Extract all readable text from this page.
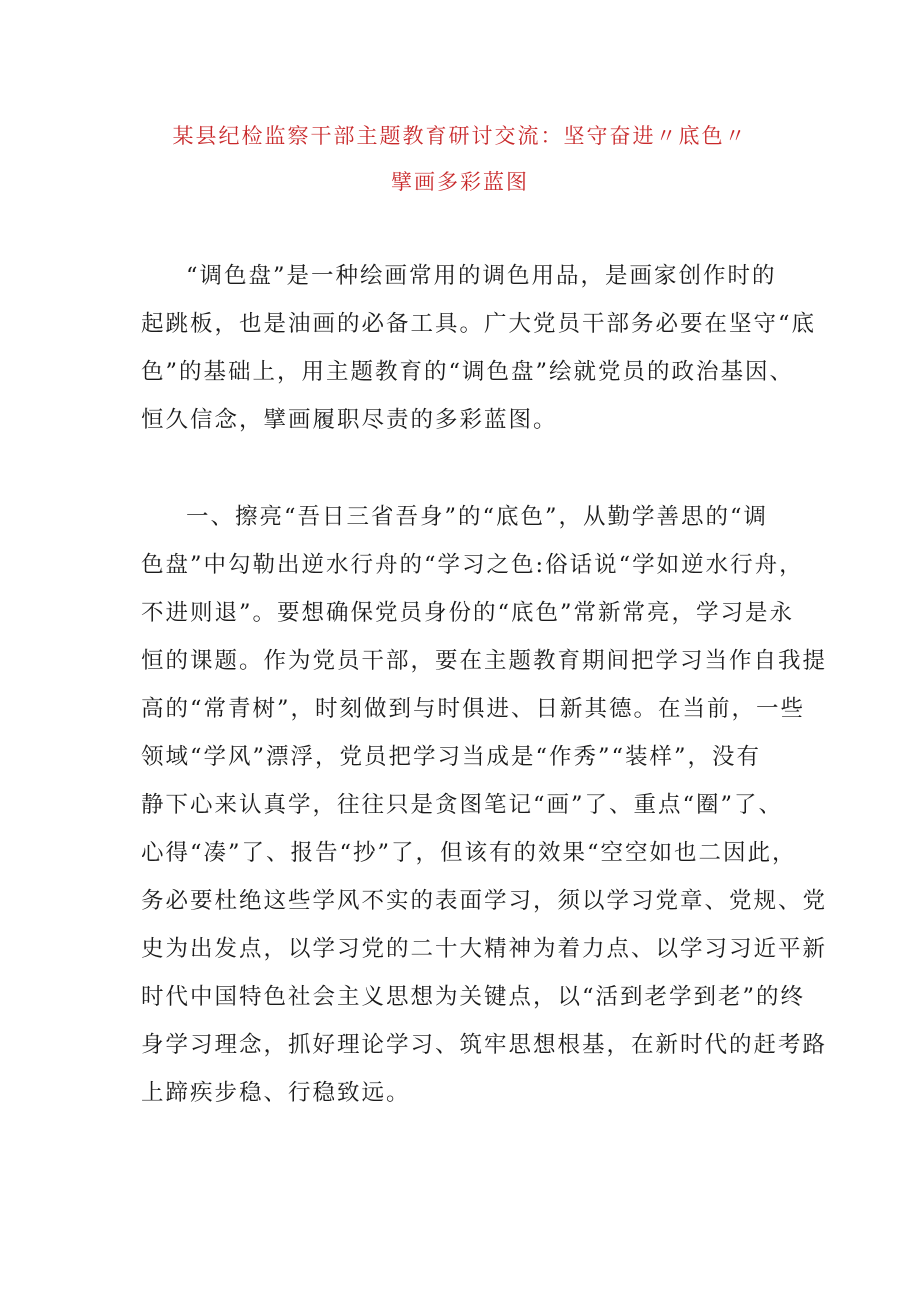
某县纪检监察干部主题教育研讨交流：坚守奋进〃底色〃
擘画多彩蓝图
“调色盘”是一种绘画常用的调色用品，是画家创作时的
起跳板，也是油画的必备工具。广大党员干部务必要在坚守“底
色”的基础上，用主题教育的“调色盘”绘就党员的政治基因、
恒久信念，擘画履职尽责的多彩蓝图。
一、擦亮“吾日三省吾身”的“底色”，从勤学善思的“调
色盘”中勾勒出逆水行舟的“学习之色:俗话说“学如逆水行舟，
不进则退”。要想确保党员身份的“底色”常新常亮，学习是永
恒的课题。作为党员干部，要在主题教育期间把学习当作自我提
高的“常青树”，时刻做到与时俱进、日新其德。在当前，一些
领域“学风”漂浮，党员把学习当成是“作秀”“装样”，没有
静下心来认真学，往往只是贪图笔记“画”了、重点“圈”了、
心得“凑”了、报告“抄”了，但该有的效果“空空如也二因此，
务必要杜绝这些学风不实的表面学习，须以学习党章、党规、党
史为出发点，以学习党的二十大精神为着力点、以学习习近平新
时代中国特色社会主义思想为关键点，以“活到老学到老”的终
身学习理念，抓好理论学习、筑牢思想根基，在新时代的赶考路
上蹄疾步稳、行稳致远。
